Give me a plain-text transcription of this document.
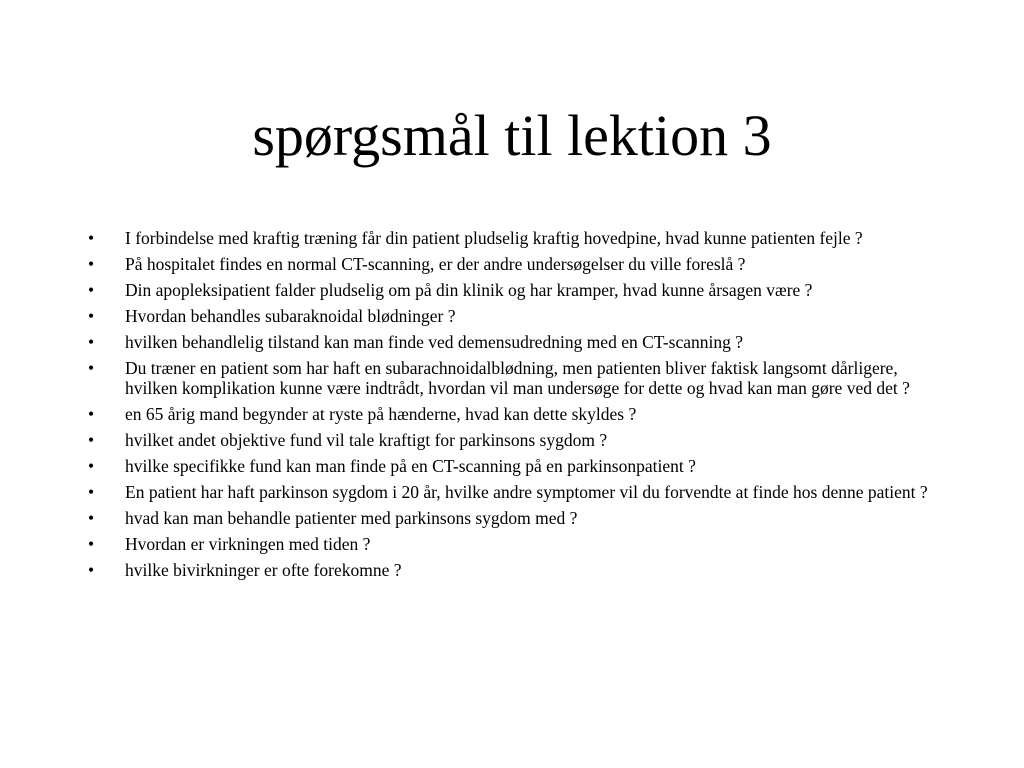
spørgsmål til lektion 3
•	I forbindelse med kraftig træning får din patient pludselig kraftig hovedpine, hvad kunne patienten fejle ?
•	På hospitalet findes en normal CT-scanning, er der andre undersøgelser du ville foreslå ?
•	Din apopleksipatient falder pludselig om på din klinik og har kramper, hvad kunne årsagen være ?
•	Hvordan behandles subaraknoidal blødninger ?
•	hvilken behandlelig tilstand kan man finde ved demensudredning med en CT-scanning ?
•	Du træner en patient som har haft en subarachnoidalblødning, men patienten bliver faktisk langsomt dårligere, hvilken komplikation kunne være indtrådt, hvordan vil man undersøge for dette og hvad kan man gøre ved det ?
•	en 65 årig mand begynder at ryste på hænderne, hvad kan dette skyldes ?
•	hvilket andet objektive fund vil tale kraftigt for parkinsons sygdom ?
•	hvilke specifikke fund kan man finde på en CT-scanning på en parkinsonpatient ?
•	En patient har haft parkinson sygdom i 20 år, hvilke andre symptomer vil du forvendte at finde hos denne patient ?
•	hvad kan man behandle patienter med parkinsons sygdom med ?
•	Hvordan er virkningen med tiden ?
•	hvilke bivirkninger er ofte forekomne ?
